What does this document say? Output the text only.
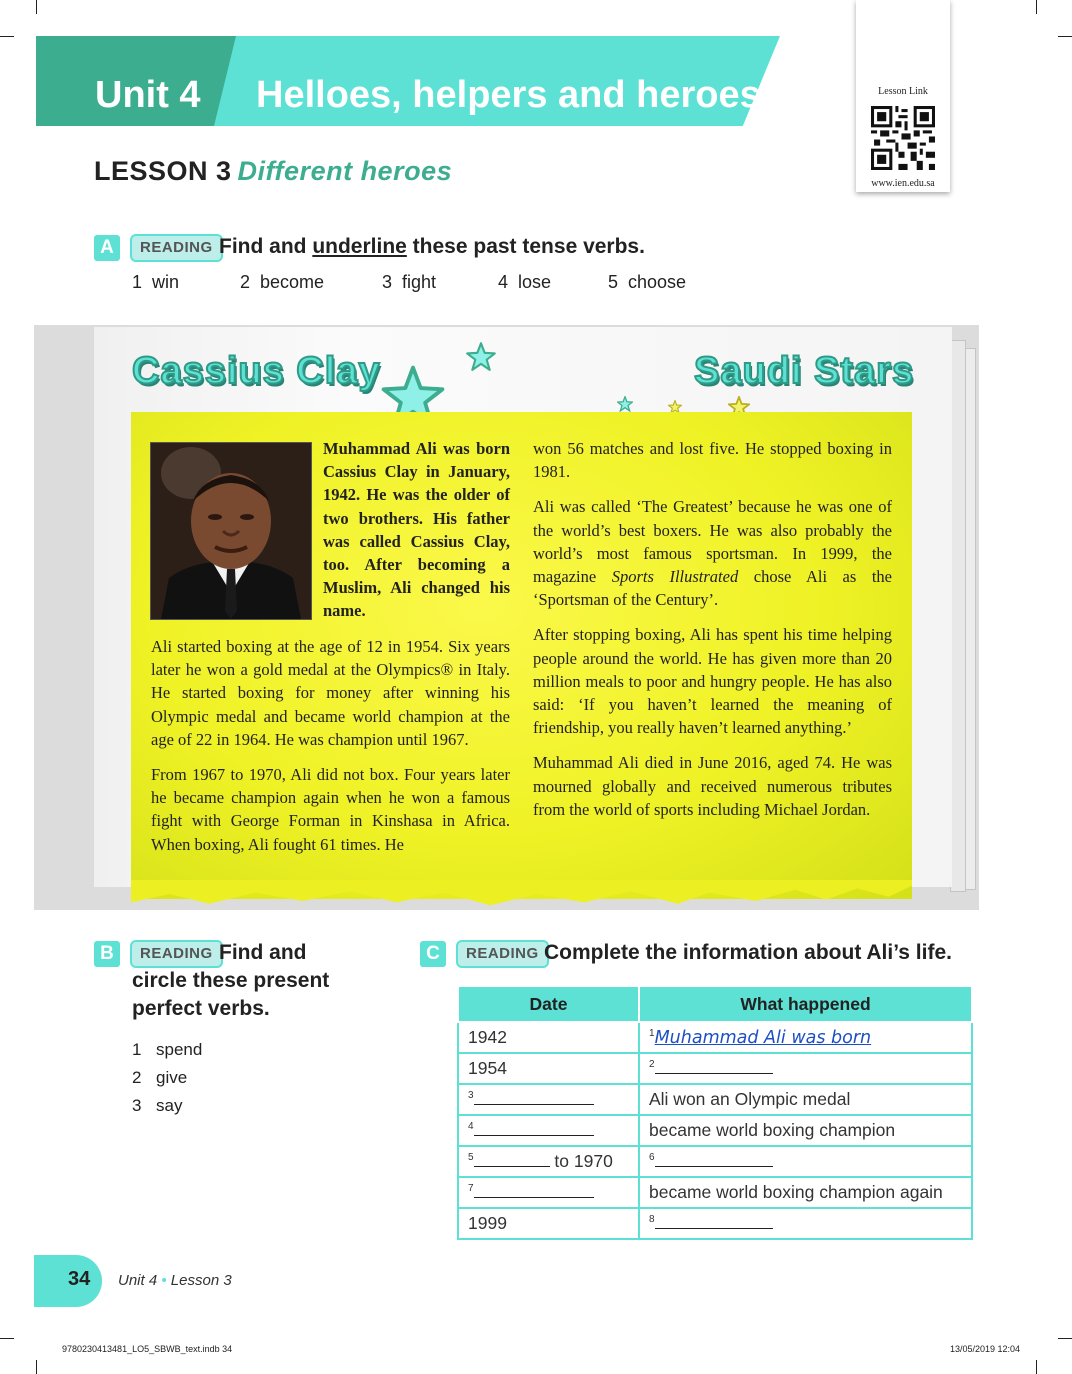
Unit 4 Helloes, helpers and heroes	Lesson Link
www.ien.edu.sa
LESSON 3 Different heroes
A	READING Find and underline these past tense verbs.
1 win	2 become	3 fight	4 lose	5 choose
Cassius Clay	Saudi Stars

Muhammad Ali was born Cassius Clay in January, 1942. He was the older of two brothers. His father was called Cassius Clay, too. After becoming a Muslim, Ali changed his name.

Ali started boxing at the age of 12 in 1954. Six years later he won a gold medal at the Olympics® in Italy. He started boxing for money after winning his Olympic medal and became world champion at the age of 22 in 1964. He was champion until 1967.

From 1967 to 1970, Ali did not box. Four years later he became champion again when he won a famous fight with George Forman in Kinshasa in Africa. When boxing, Ali fought 61 times. He

won 56 matches and lost five. He stopped boxing in 1981.

Ali was called ‘The Greatest’ because he was one of the world’s best boxers. He was also probably the world’s most famous sportsman. In 1999, the magazine Sports Illustrated chose Ali as the ‘Sportsman of the Century’.

After stopping boxing, Ali has spent his time helping people around the world. He has given more than 20 million meals to poor and hungry people. He has also said: ‘If you haven’t learned the meaning of friendship, you really haven’t learned anything.’

Muhammad Ali died in June 2016, aged 74. He was mourned globally and received numerous tributes from the world of sports including Michael Jordan.

B	READING Find and
circle these present
perfect verbs.
1 spend
2 give
3 say
C	READING Complete the information about Ali’s life.
Date	What happened
1942	$^1$Muhammad Ali was born
1954	$^2$
$^3$	Ali won an Olympic medal
$^4$	became world boxing champion
$^5$ to 1970	$^6$
$^7$	became world boxing champion again
1999	$^8$
34 Unit 4 • Lesson 3
9780230413481_LO5_SBWB_text.indb 34	13/05/2019 12:04
